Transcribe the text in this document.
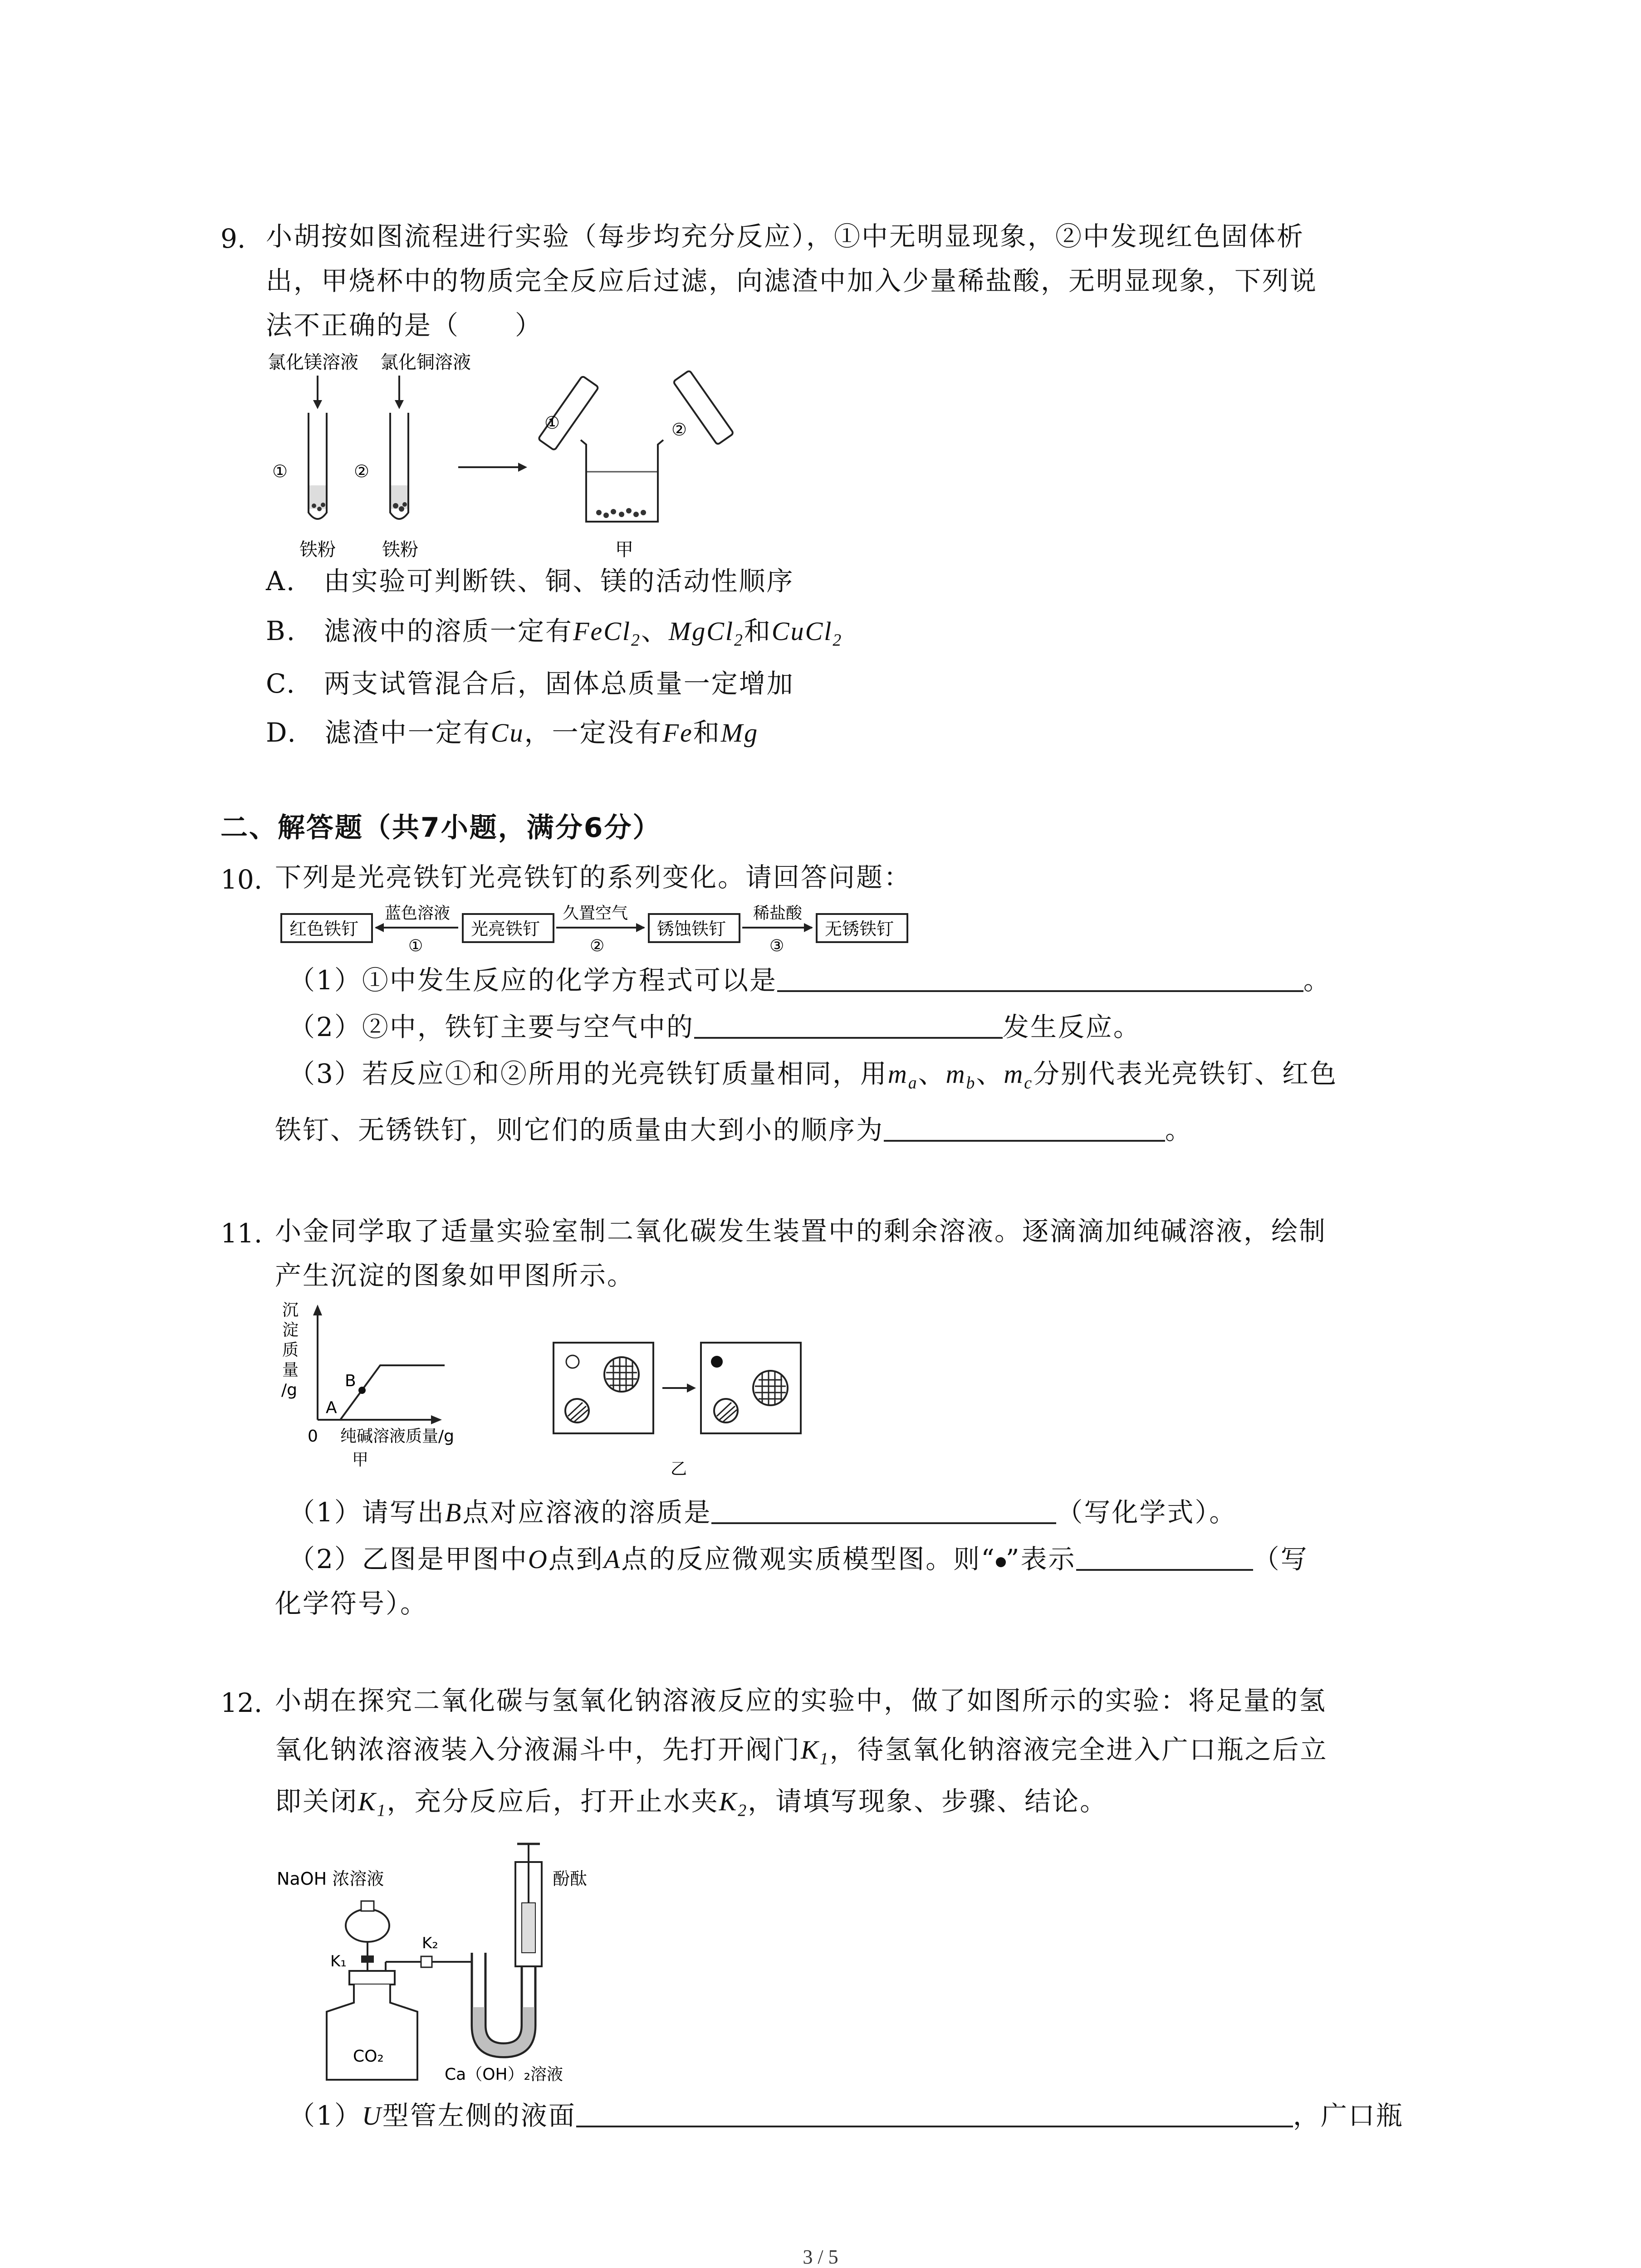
9. 小胡按如图流程进行实验（每步均充分反应），①中无明显现象，②中发现红色固体析
出，甲烧杯中的物质完全反应后过滤，向滤渣中加入少量稀盐酸，无明显现象，下列说
法不正确的是（　　）
氯化镁溶液 氯化铜溶液
①	②
铁粉	铁粉
①	②
甲
A.　由实验可判断铁、铜、镁的活动性顺序
B.　滤液中的溶质一定有FeCl$_2$、MgCl$_2$和CuCl$_2$
C.　两支试管混合后，固体总质量一定增加
D.　滤渣中一定有Cu，一定没有Fe和Mg
二、解答题（共7小题，满分6分）
10. 下列是光亮铁钉光亮铁钉的系列变化。请回答问题：
红色铁钉
蓝色溶液
①
光亮铁钉
久置空气
②
锈蚀铁钉
稀盐酸
③
无锈铁钉
（1）①中发生反应的化学方程式可以是	。
（2）②中，铁钉主要与空气中的	发生反应。
（3）若反应①和②所用的光亮铁钉质量相同，用$m_a$、$m_b$、$m_c$分别代表光亮铁钉、红色
铁钉、无锈铁钉，则它们的质量由大到小的顺序为	。
11. 小金同学取了适量实验室制二氧化碳发生装置中的剩余溶液。逐滴滴加纯碱溶液，绘制
产生沉淀的图象如甲图所示。
沉
淀
质
量
/g	B
A
0 纯碱溶液质量/g
甲	乙
（1）请写出B点对应溶液的溶质是	（写化学式）。
（2）乙图是甲图中O点到A点的反应微观实质模型图。则“ ”表示	（写
化学符号）。
12. 小胡在探究二氧化碳与氢氧化钠溶液反应的实验中，做了如图所示的实验：将足量的氢
氧化钠浓溶液装入分液漏斗中，先打开阀门$K_1$，待氢氧化钠溶液完全进入广口瓶之后立
即关闭$K_1$，充分反应后，打开止水夹$K_2$，请填写现象、步骤、结论。
NaOH 浓溶液
K₁
CO₂
K₂
酚酞
Ca（OH）₂溶液
（1）U型管左侧的液面	，广口瓶
3 / 5
